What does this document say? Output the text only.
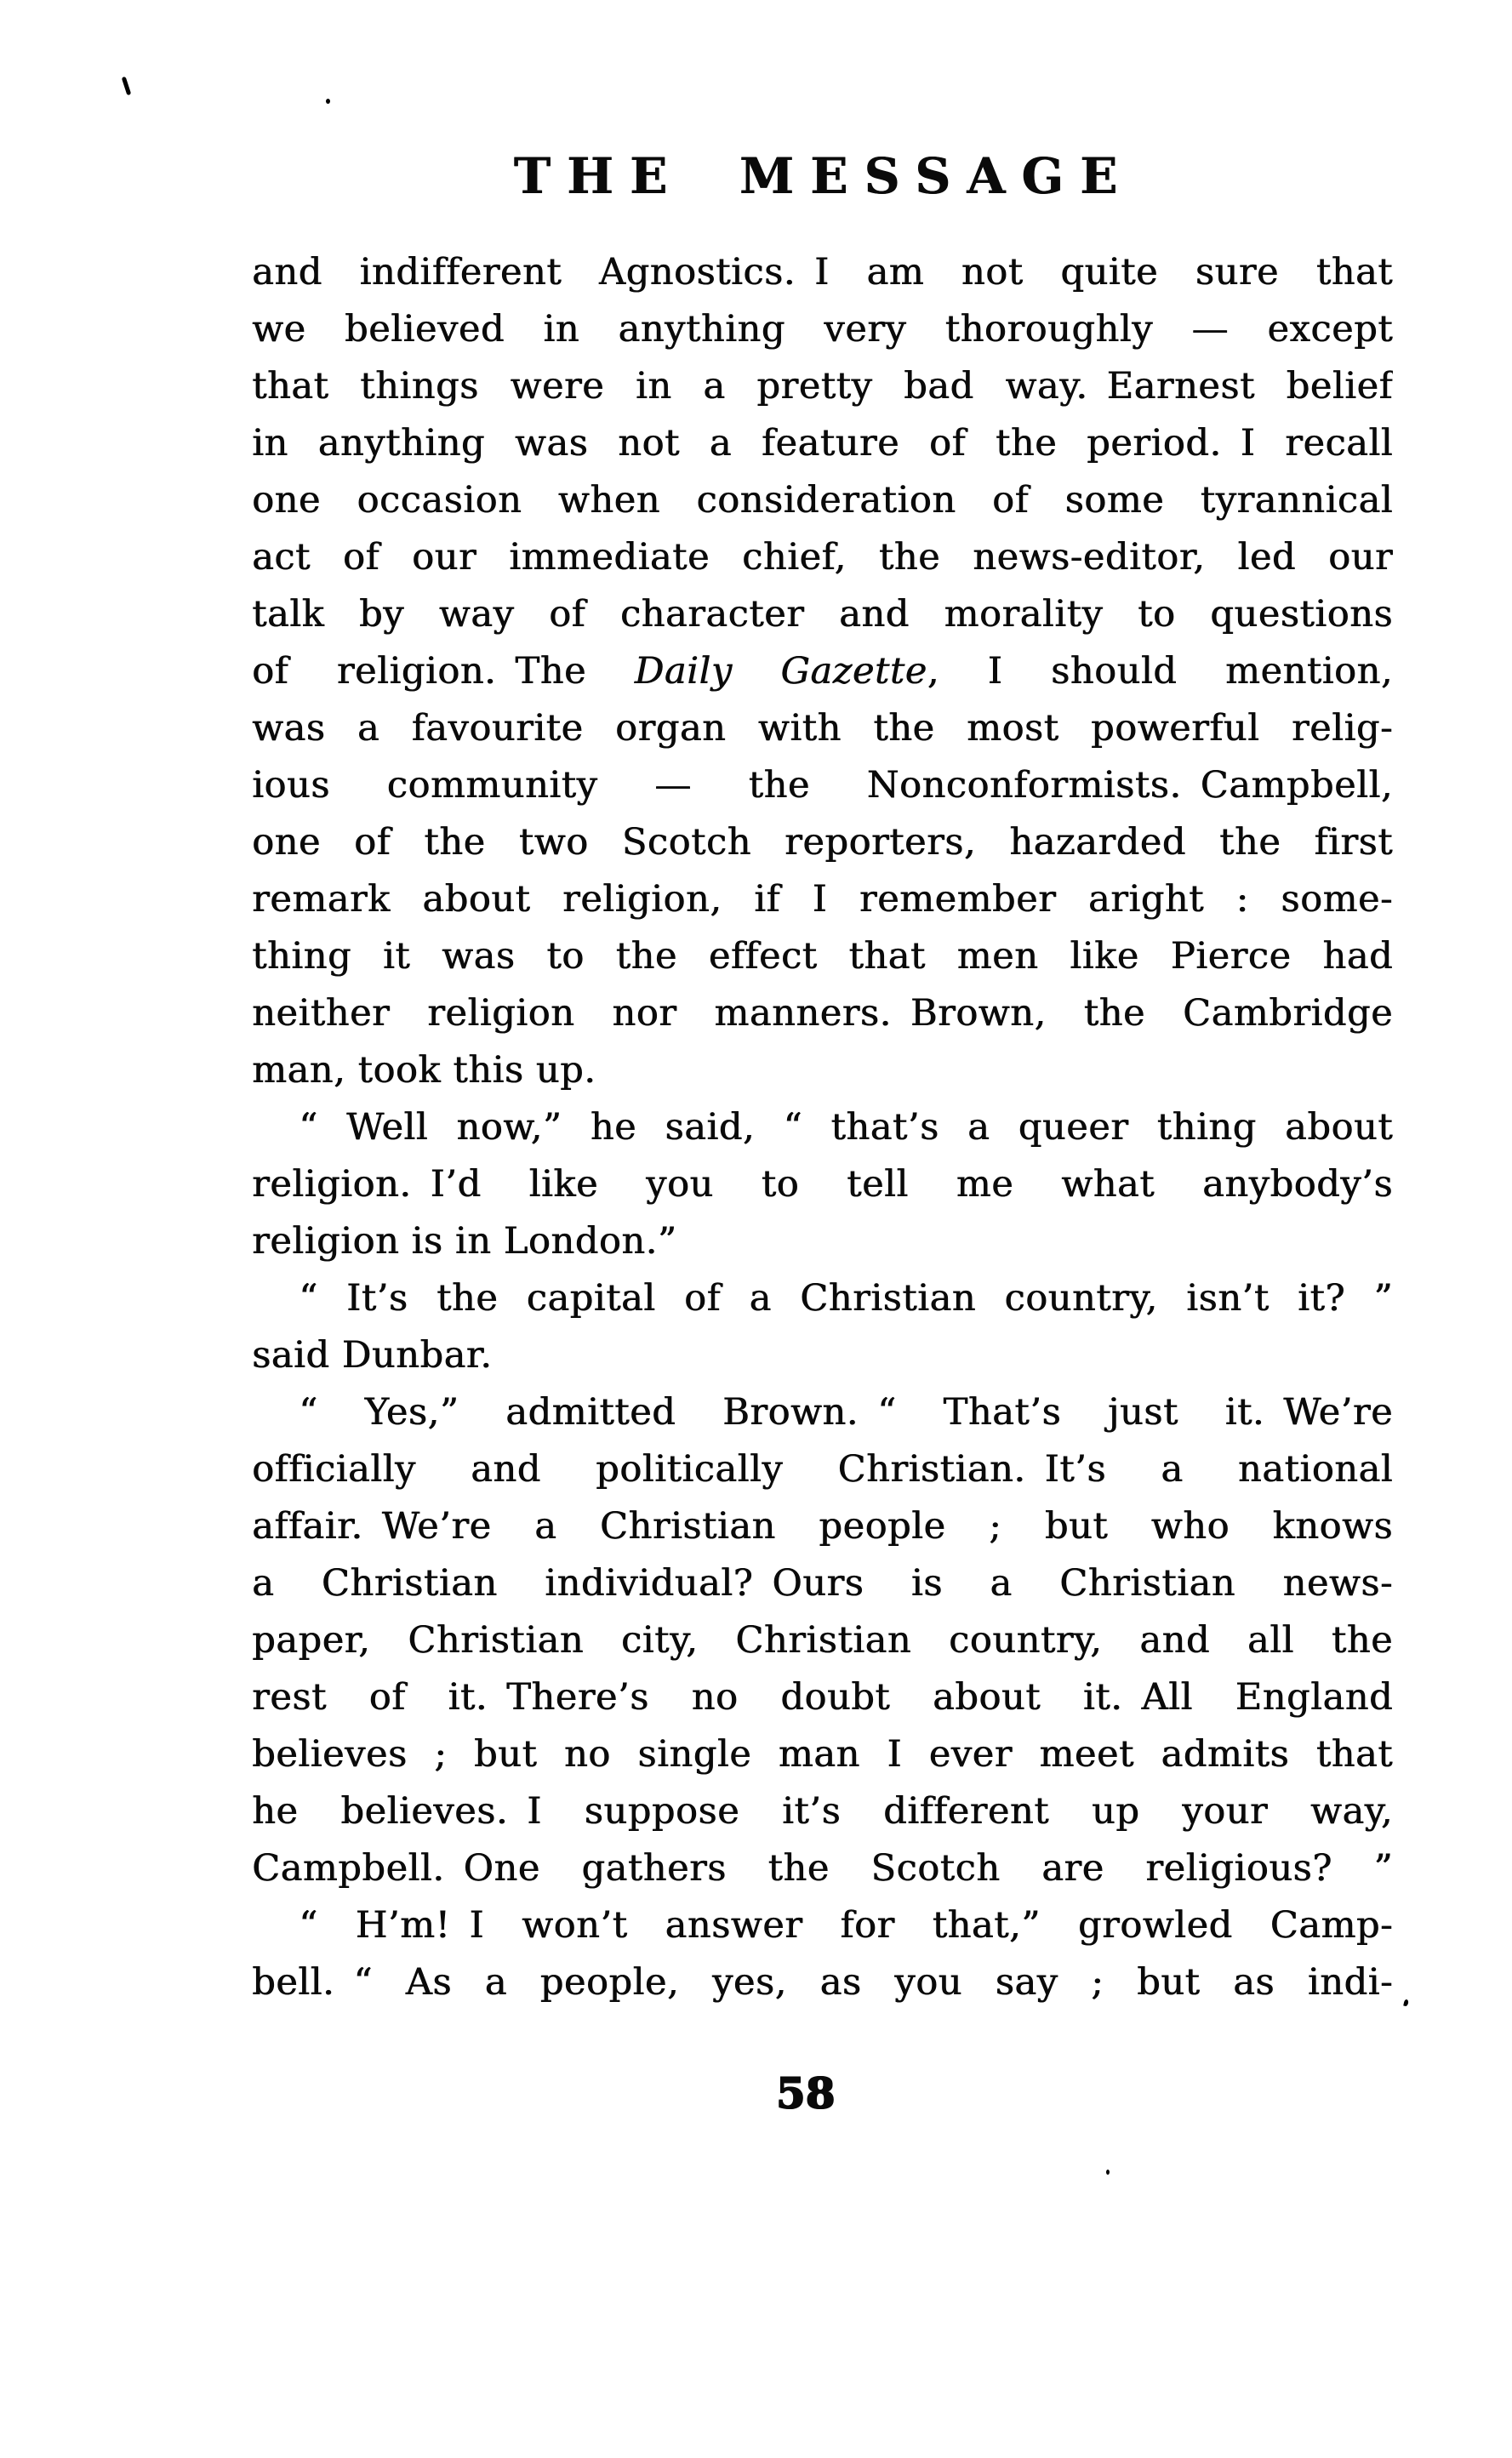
THE MESSAGE
and indifferent Agnostics. I am not quite sure that
we believed in anything very thoroughly — except
that things were in a pretty bad way. Earnest belief
in anything was not a feature of the period. I recall
one occasion when consideration of some tyrannical
act of our immediate chief, the news-editor, led our
talk by way of character and morality to questions
of religion. The Daily Gazette, I should mention,
was a favourite organ with the most powerful relig-
ious community — the Nonconformists. Campbell,
one of the two Scotch reporters, hazarded the first
remark about religion, if I remember aright : some-
thing it was to the effect that men like Pierce had
neither religion nor manners. Brown, the Cambridge
man, took this up.
“ Well now,” he said, “ that’s a queer thing about
religion. I’d like you to tell me what anybody’s
religion is in London.”
“ It’s the capital of a Christian country, isn’t it? ”
said Dunbar.
“ Yes,” admitted Brown. “ That’s just it. We’re
officially and politically Christian. It’s a national
affair. We’re a Christian people ; but who knows
a Christian individual? Ours is a Christian news-
paper, Christian city, Christian country, and all the
rest of it. There’s no doubt about it. All England
believes ; but no single man I ever meet admits that
he believes. I suppose it’s different up your way,
Campbell. One gathers the Scotch are religious? ”
“ H’m! I won’t answer for that,” growled Camp-
bell. “ As a people, yes, as you say ; but as indi-
58
